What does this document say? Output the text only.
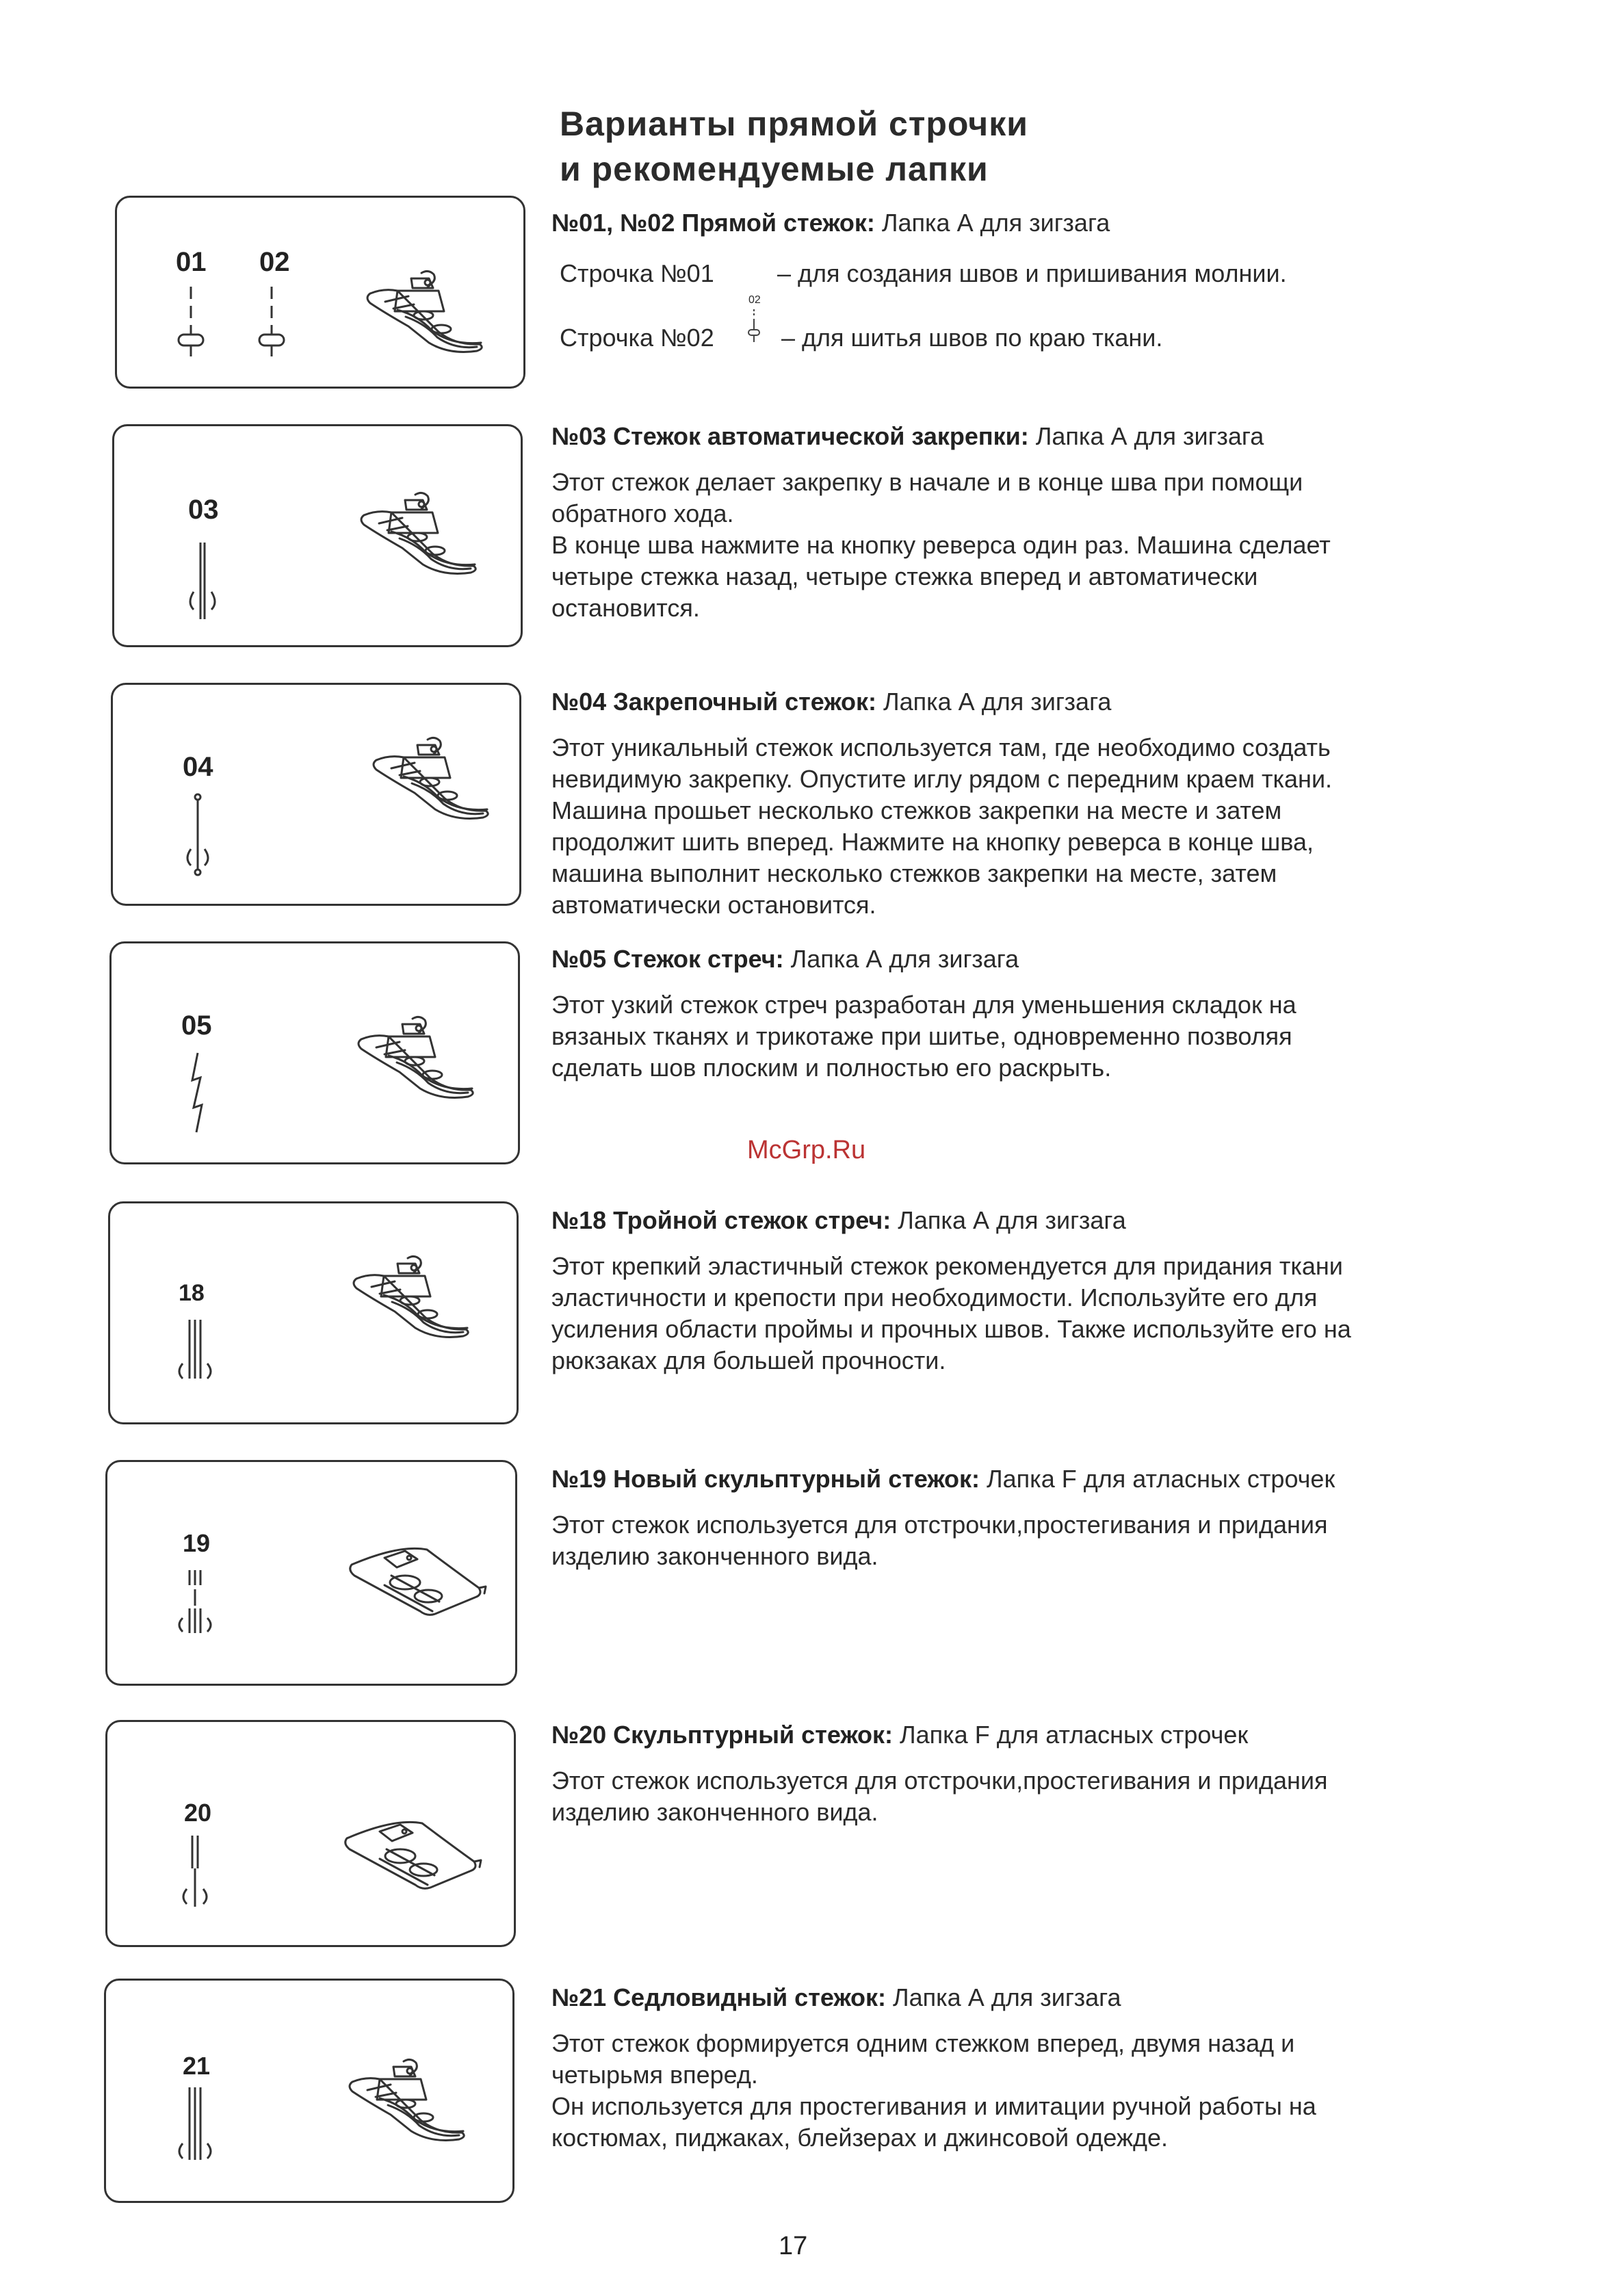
Варианты прямой строчки
и рекомендуемые лапки
01 02
№01, №02 Прямой стежок: Лапка А для зигзага
Строчка №01	– для создания швов и пришивания молнии.
02
Строчка №02	– для шитья швов по краю ткани.
03
№03 Стежок автоматической закрепки: Лапка А для зигзага

Этот стежок делает закрепку в начале и в конце шва при помощи

обратного хода.

В конце шва нажмите на кнопку реверса один раз. Машина сделает

четыре стежка назад, четыре стежка вперед и автоматически

остановится.

04
№04 Закрепочный стежок: Лапка А для зигзага

Этот уникальный стежок используется там, где необходимо создать

невидимую закрепку. Опустите иглу рядом с передним краем ткани.

Машина прошьет несколько стежков закрепки на месте и затем

продолжит шить вперед. Нажмите на кнопку реверса в конце шва,

машина выполнит несколько стежков закрепки на месте, затем

автоматически остановится.

05
№05 Стежок стреч: Лапка А для зигзага

Этот узкий стежок стреч разработан для уменьшения складок на

вязаных тканях и трикотаже при шитье, одновременно позволяя

сделать шов плоским и полностью его раскрыть.

McGrp.Ru
18
№18 Тройной стежок стреч: Лапка А для зигзага

Этот крепкий эластичный стежок рекомендуется для придания ткани

эластичности и крепости при необходимости. Используйте его для

усиления области проймы и прочных швов. Также используйте его на

рюкзаках для большей прочности.

19
№19 Новый скульптурный стежок: Лапка F для атласных строчек

Этот стежок используется для отстрочки,простегивания и придания

изделию законченного вида.

20
№20 Скульптурный стежок: Лапка F для атласных строчек

Этот стежок используется для отстрочки,простегивания и придания

изделию законченного вида.

21
№21 Седловидный стежок: Лапка А для зигзага

Этот стежок формируется одним стежком вперед, двумя назад и

четырьмя вперед.

Он используется для простегивания и имитации ручной работы на

костюмах, пиджаках, блейзерах и джинсовой одежде.

17
